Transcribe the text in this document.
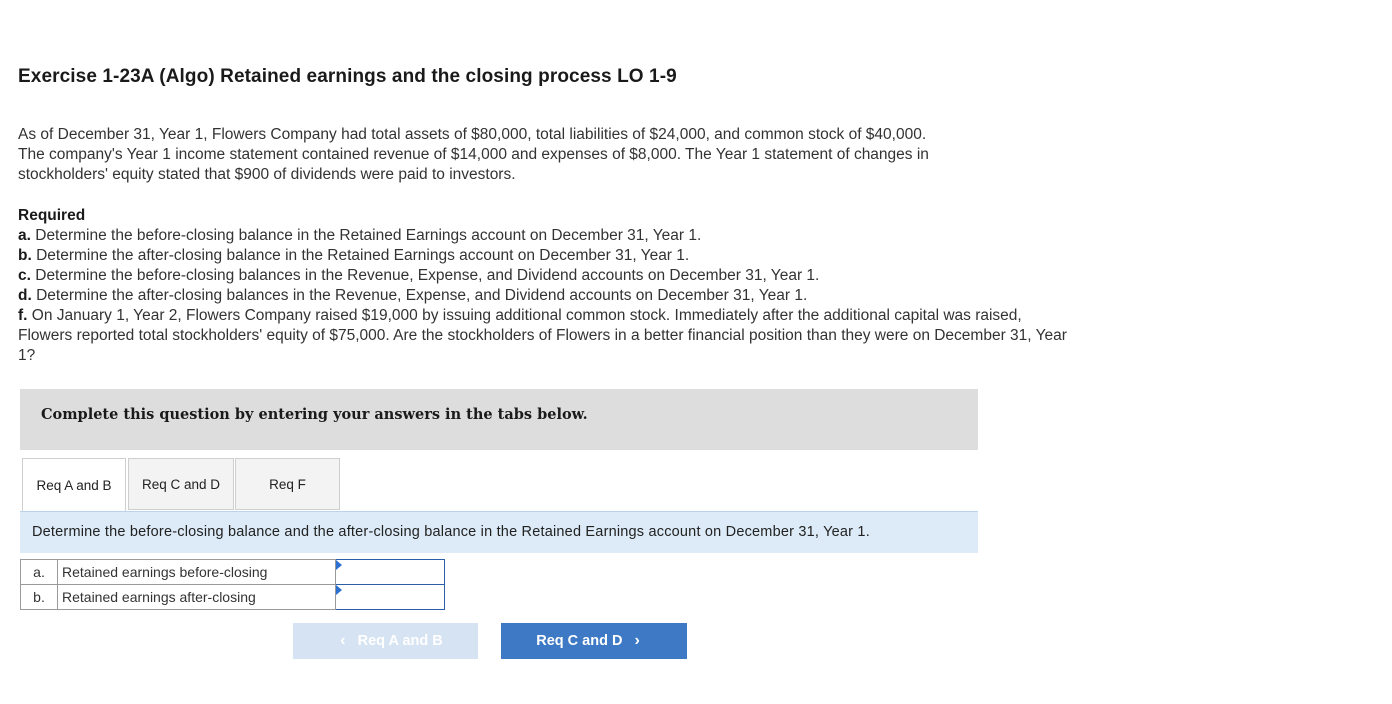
Exercise 1-23A (Algo) Retained earnings and the closing process LO 1-9
As of December 31, Year 1, Flowers Company had total assets of $80,000, total liabilities of $24,000, and common stock of $40,000.
The company's Year 1 income statement contained revenue of $14,000 and expenses of $8,000. The Year 1 statement of changes in
stockholders' equity stated that $900 of dividends were paid to investors.
Required
a. Determine the before-closing balance in the Retained Earnings account on December 31, Year 1.
b. Determine the after-closing balance in the Retained Earnings account on December 31, Year 1.
c. Determine the before-closing balances in the Revenue, Expense, and Dividend accounts on December 31, Year 1.
d. Determine the after-closing balances in the Revenue, Expense, and Dividend accounts on December 31, Year 1.
f. On January 1, Year 2, Flowers Company raised $19,000 by issuing additional common stock. Immediately after the additional capital was raised, Flowers reported total stockholders' equity of $75,000. Are the stockholders of Flowers in a better financial position than they were on December 31, Year 1?
Complete this question by entering your answers in the tabs below.
Req A and B	Req C and D	Req F
Determine the before-closing balance and the after-closing balance in the Retained Earnings account on December 31, Year 1.
a.	Retained earnings before-closing	

b.	Retained earnings after-closing	
‹ Req A and B	Req C and D ›
